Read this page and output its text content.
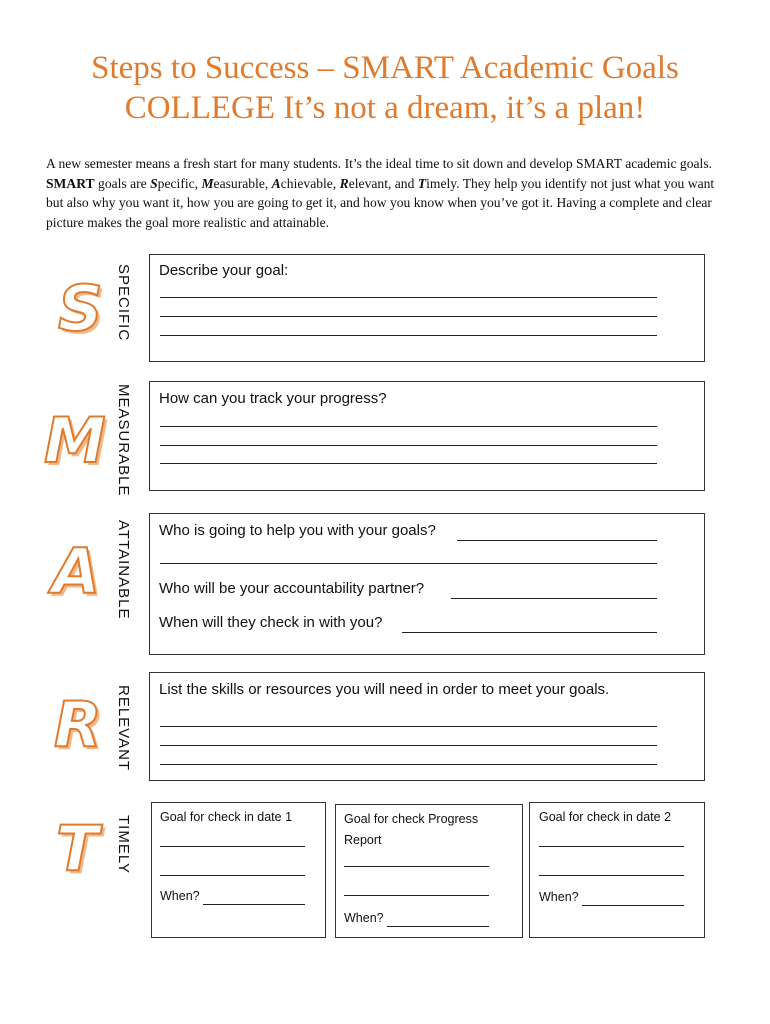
Steps to Success – SMART Academic Goals
COLLEGE It’s not a dream, it’s a plan!
A new semester means a fresh start for many students. It’s the ideal time to sit down and develop SMART academic goals. SMART goals are Specific, Measurable, Achievable, Relevant, and Timely. They help you identify not just what you want but also why you want it, how you are going to get it, and how you know when you’ve got it. Having a complete and clear picture makes the goal more realistic and attainable.
S SPECIFIC Describe your goal:
M MEASURABLE How can you track your progress?
A ATTAINABLE Who is going to help you with your goals?
Who will be your accountability partner?
When will they check in with you?
R RELEVANT List the skills or resources you will need in order to meet your goals.
T TIMELY Goal for check in date 1
When?
Goal for check Progress
Report
When?
Goal for check in date 2
When?
